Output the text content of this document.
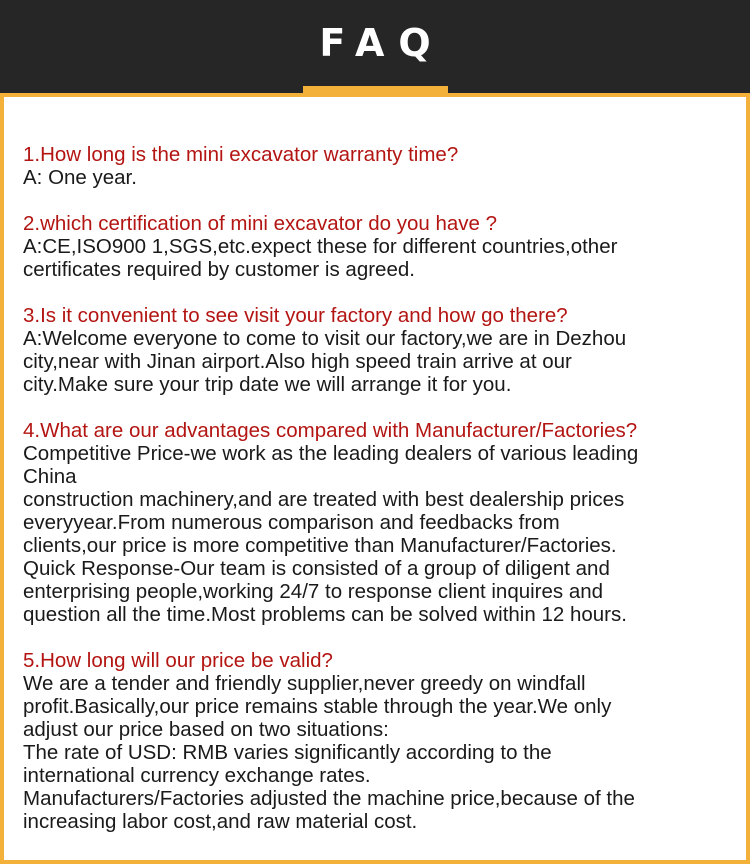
FAQ
1.How long is the mini excavator warranty time?
A: One year.
2.which certification of mini excavator do you have ?
A:CE,ISO900 1,SGS,etc.expect these for different countries,other
certificates required by customer is agreed.
3.Is it convenient to see visit your factory and how go there?
A:Welcome everyone to come to visit our factory,we are in Dezhou
city,near with Jinan airport.Also high speed train arrive at our
city.Make sure your trip date we will arrange it for you.
4.What are our advantages compared with Manufacturer/Factories?
Competitive Price-we work as the leading dealers of various leading
China
construction machinery,and are treated with best dealership prices
everyyear.From numerous comparison and feedbacks from
clients,our price is more competitive than Manufacturer/Factories.
Quick Response-Our team is consisted of a group of diligent and
enterprising people,working 24/7 to response client inquires and
question all the time.Most problems can be solved within 12 hours.
5.How long will our price be valid?
We are a tender and friendly supplier,never greedy on windfall
profit.Basically,our price remains stable through the year.We only
adjust our price based on two situations:
The rate of USD: RMB varies significantly according to the
international currency exchange rates.
Manufacturers/Factories adjusted the machine price,because of the
increasing labor cost,and raw material cost.
